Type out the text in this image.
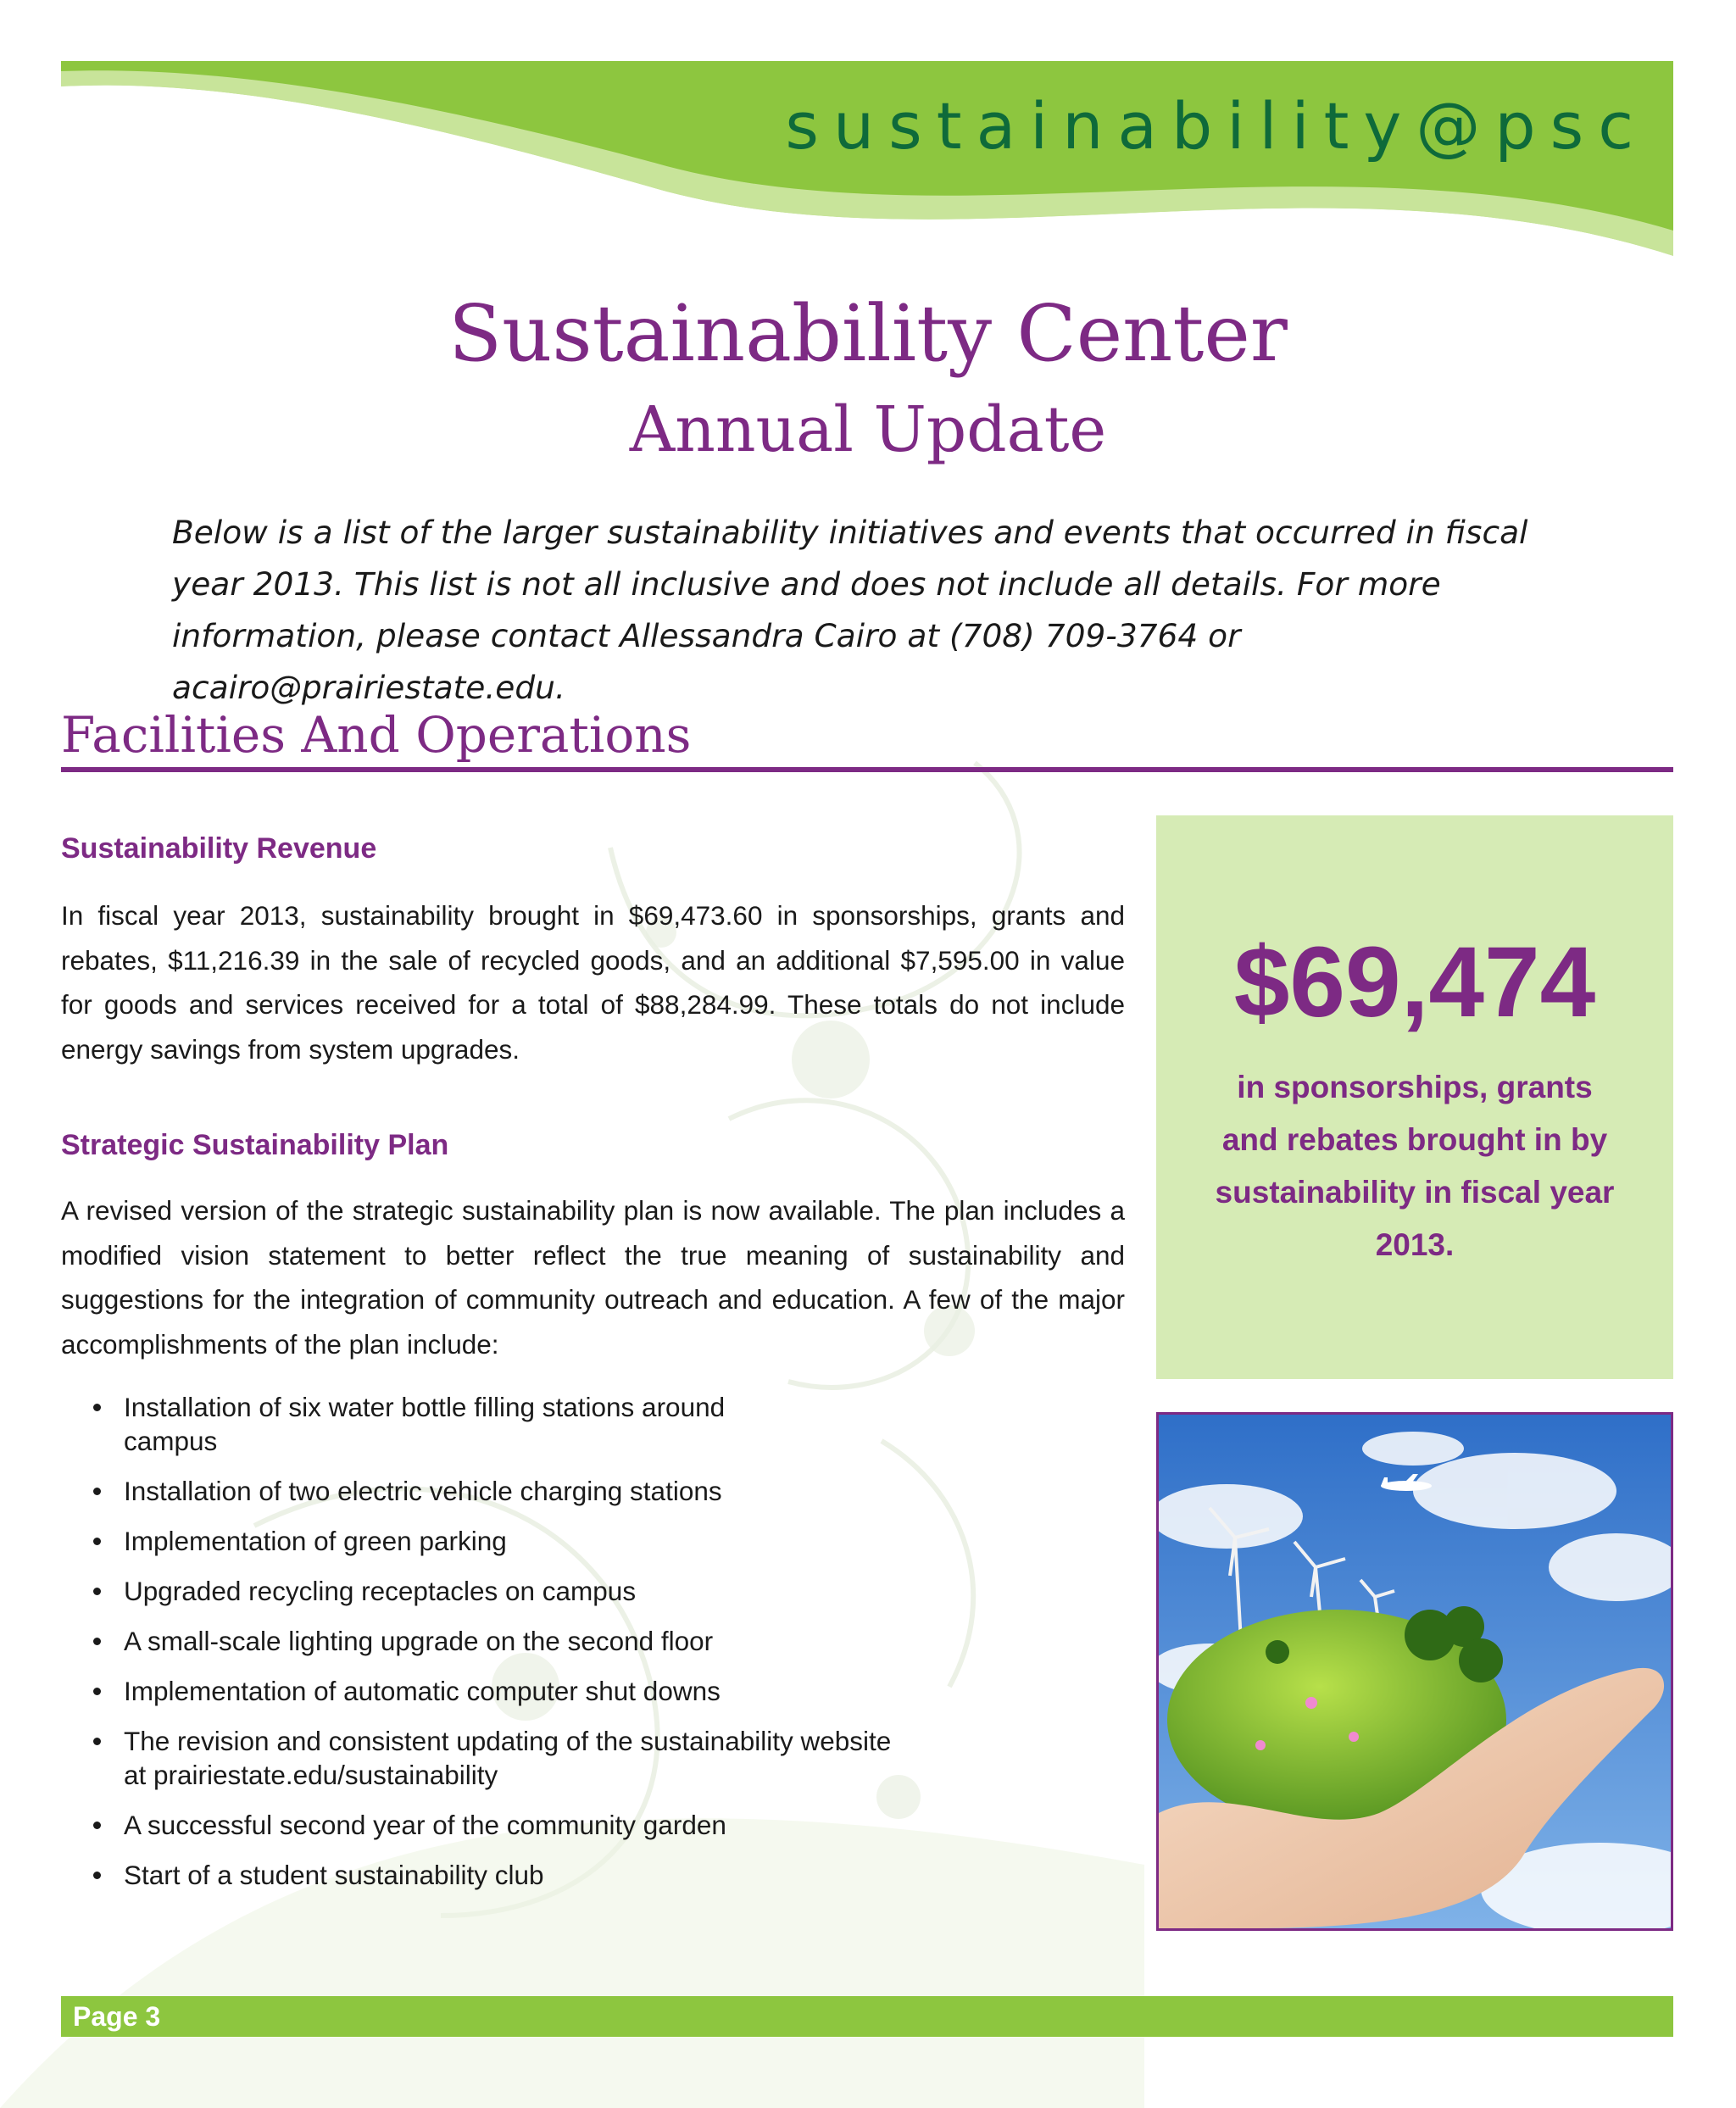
sustainability@psc
Sustainability Center
Annual Update
Below is a list of the larger sustainability initiatives and events that occurred in fiscal year 2013. This list is not all inclusive and does not include all details. For more information, please contact Allessandra Cairo at (708) 709-3764 or acairo@prairiestate.edu.
Facilities And Operations
Sustainability Revenue
In fiscal year 2013, sustainability brought in $69,473.60 in sponsorships, grants and rebates, $11,216.39 in the sale of recycled goods, and an additional $7,595.00 in value for goods and services received for a total of $88,284.99. These totals do not include energy savings from system upgrades.
Strategic Sustainability Plan
A revised version of the strategic sustainability plan is now available. The plan includes a modified vision statement to better reflect the true meaning of sustainability and suggestions for the integration of community outreach and education. A few of the major accomplishments of the plan include:
Installation of six water bottle filling stations around campus
Installation of two electric vehicle charging stations
Implementation of green parking
Upgraded recycling receptacles on campus
A small-scale lighting upgrade on the second floor
Implementation of automatic computer shut downs
The revision and consistent updating of the sustainability website at prairiestate.edu/sustainability
A successful second year of the community garden
Start of a student sustainability club
$69,474
in sponsorships, grants and rebates brought in by sustainability in fiscal year 2013.
Page 3
